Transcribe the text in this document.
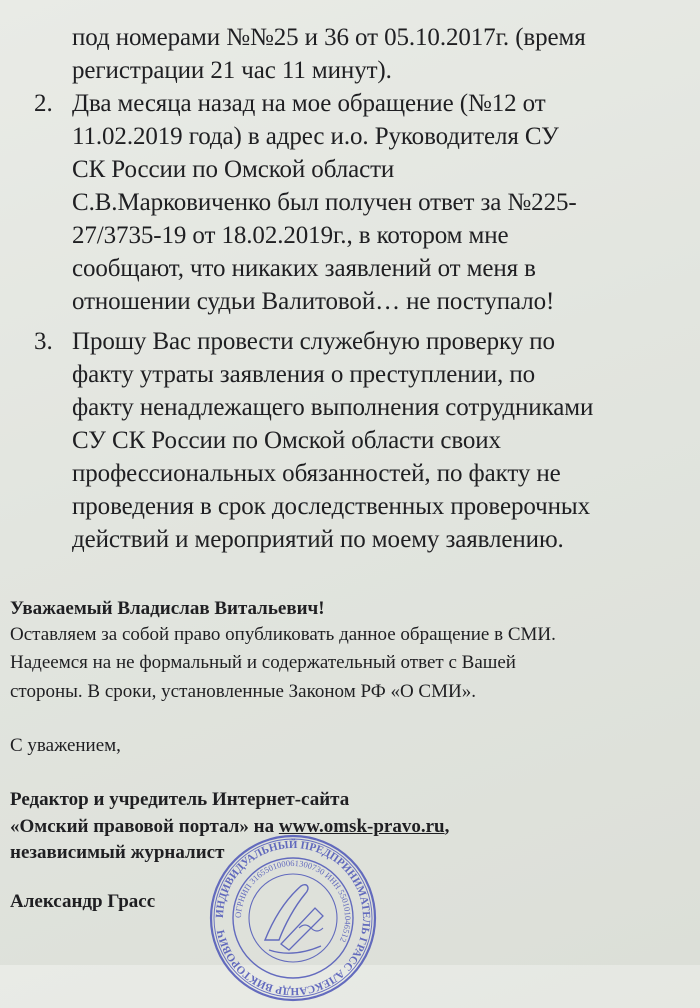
под номерами №№25 и 36 от 05.10.2017г. (время

регистрации 21 час 11 минут).

2. Два месяца назад на мое обращение (№12 от

11.02.2019 года) в адрес и.о. Руководителя СУ

СК России по Омской области

С.В.Марковиченко был получен ответ за №225-

27/3735-19 от 18.02.2019г., в котором мне

сообщают, что никаких заявлений от меня в

отношении судьи Валитовой… не поступало!

3. Прошу Вас провести служебную проверку по

факту утраты заявления о преступлении, по

факту ненадлежащего выполнения сотрудниками

СУ СК России по Омской области своих

профессиональных обязанностей, по факту не

проведения в срок доследственных проверочных

действий и мероприятий по моему заявлению.

Уважаемый Владислав Витальевич!

Оставляем за собой право опубликовать данное обращение в СМИ.

Надеемся на не формальный и содержательный ответ с Вашей

стороны. В сроки, установленные Законом РФ «О СМИ».

С уважением,

Редактор и учредитель Интернет-сайта

«Омский правовой портал» на www.omsk-pravo.ru,

независимый журналист

Александр Грасс

ИНДИВИДУАЛЬНЫЙ ПРЕДПРИНИМАТЕЛЬ ГРАСС АЛЕКСАНДР ВИКТОРОВИЧ
ОГРНИП 316550100061300730 ИНН 550101046512
